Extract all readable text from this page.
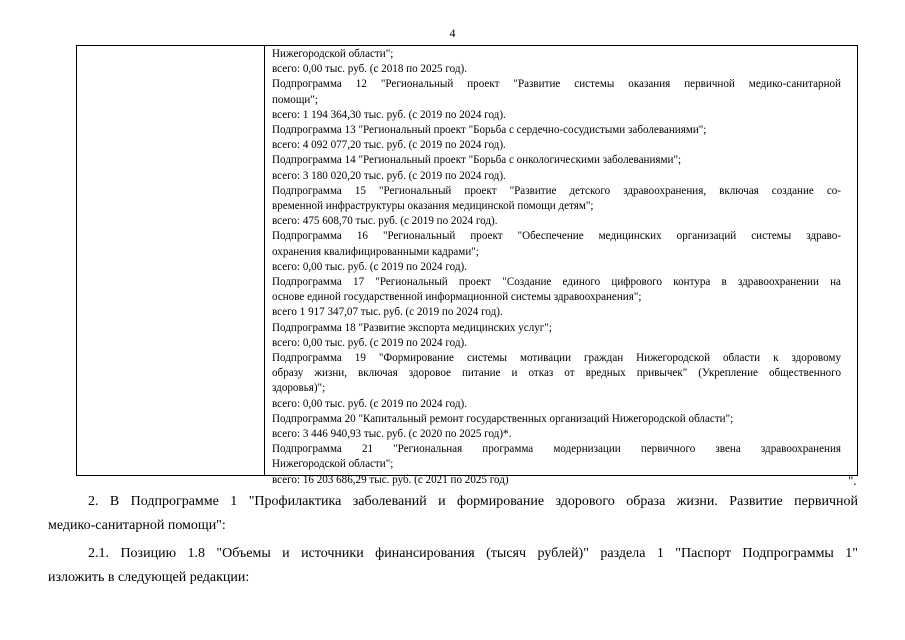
4
Нижегородской области";
всего: 0,00 тыс. руб. (с 2018 по 2025 год).
Подпрограмма 12 "Региональный проект "Развитие системы оказания первичной медико-санитарной
помощи";
всего: 1 194 364,30 тыс. руб. (с 2019 по 2024 год).
Подпрограмма 13 "Региональный проект "Борьба с сердечно-сосудистыми заболеваниями";
всего: 4 092 077,20 тыс. руб. (с 2019 по 2024 год).
Подпрограмма 14 "Региональный проект "Борьба с онкологическими заболеваниями";
всего: 3 180 020,20 тыс. руб. (с 2019 по 2024 год).
Подпрограмма 15 "Региональный проект "Развитие детского здравоохранения, включая создание со-
временной инфраструктуры оказания медицинской помощи детям";
всего: 475 608,70 тыс. руб. (с 2019 по 2024 год).
Подпрограмма 16 "Региональный проект "Обеспечение медицинских организаций системы здраво-
охранения квалифицированными кадрами";
всего: 0,00 тыс. руб. (с 2019 по 2024 год).
Подпрограмма 17 "Региональный проект "Создание единого цифрового контура в здравоохранении на
основе единой государственной информационной системы здравоохранения";
всего 1 917 347,07 тыс. руб. (с 2019 по 2024 год).
Подпрограмма 18 "Развитие экспорта медицинских услуг";
всего: 0,00 тыс. руб. (с 2019 по 2024 год).
Подпрограмма 19 "Формирование системы мотивации граждан Нижегородской области к здоровому
образу жизни, включая здоровое питание и отказ от вредных привычек" (Укрепление общественного
здоровья)";
всего: 0,00 тыс. руб. (с 2019 по 2024 год).
Подпрограмма 20 "Капитальный ремонт государственных организаций Нижегородской области";
всего: 3 446 940,93 тыс. руб. (с 2020 по 2025 год)*.
Подпрограмма 21 "Региональная программа модернизации первичного звена здравоохранения
Нижегородской области";
всего: 16 203 686,29 тыс. руб. (с 2021 по 2025 год)	".
2. В Подпрограмме 1 "Профилактика заболеваний и формирование здорового образа жизни. Развитие первичной
медико-санитарной помощи":
2.1. Позицию 1.8 "Объемы и источники финансирования (тысяч рублей)" раздела 1 "Паспорт Подпрограммы 1"
изложить в следующей редакции:
